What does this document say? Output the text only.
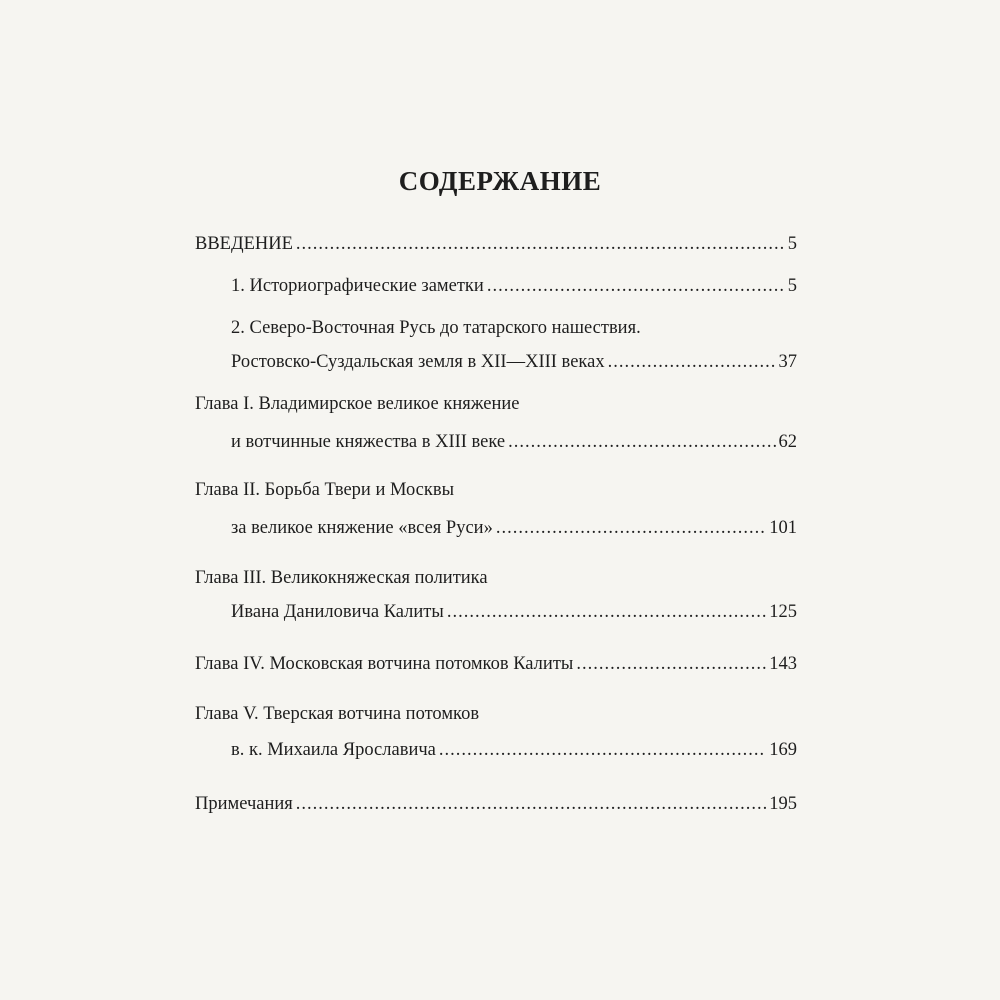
СОДЕРЖАНИЕ
ВВЕДЕНИЕ .....	5
1. Историографические заметки .....	5
2. Северо-Восточная Русь до татарского нашествия.
Ростовско-Суздальская земля в XII—XIII веках .....	37
Глава I. Владимирское великое княжение
и вотчинные княжества в XIII веке .....	62
Глава II. Борьба Твери и Москвы
за великое княжение «всея Руси» .....	101
Глава III. Великокняжеская политика
Ивана Даниловича Калиты .....	125
Глава IV. Московская вотчина потомков Калиты .....	143
Глава V. Тверская вотчина потомков
в. к. Михаила Ярославича .....	169
Примечания .....	195
